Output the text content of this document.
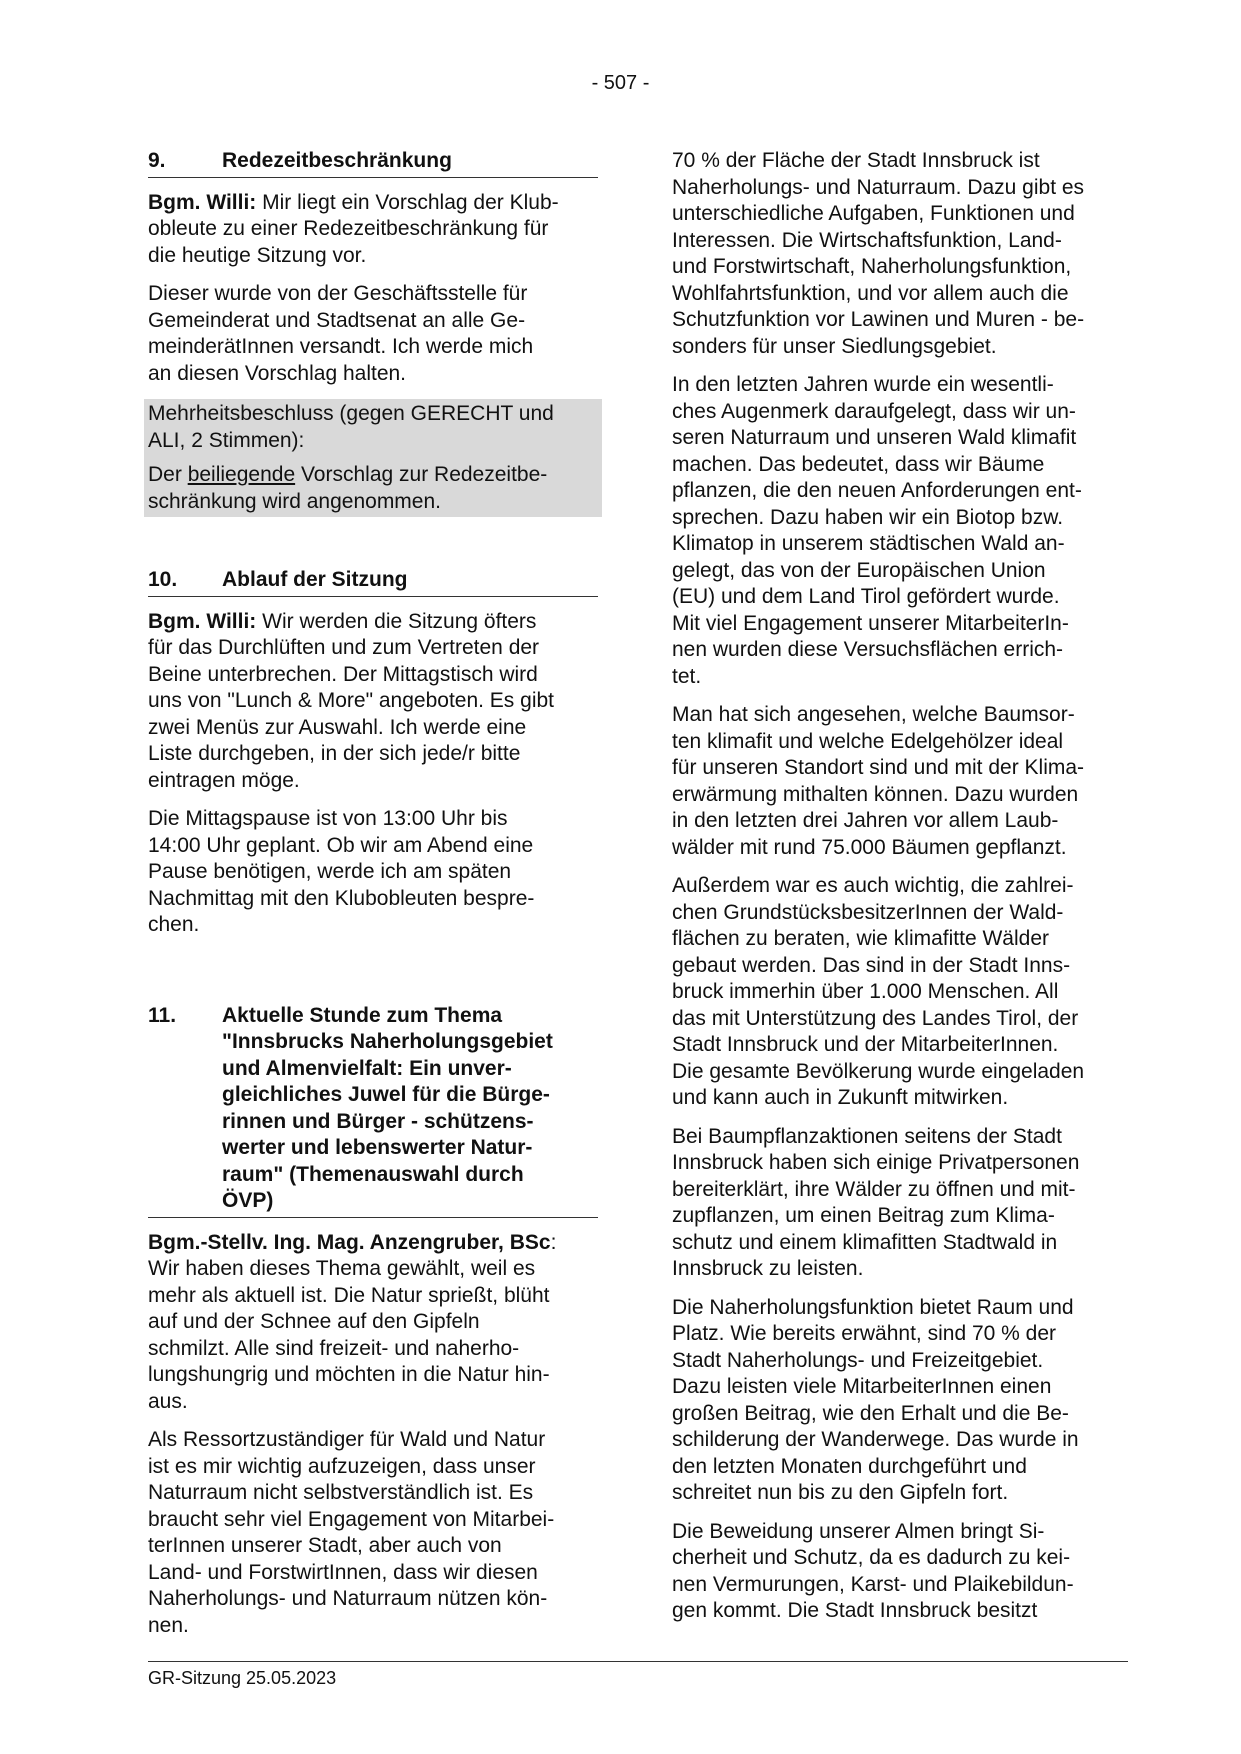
- 507 -
9.	Redezeitbeschränkung

Bgm. Willi: Mir liegt ein Vorschlag der Klub-
obleute zu einer Redezeitbeschränkung für
die heutige Sitzung vor.

Dieser wurde von der Geschäftsstelle für
Gemeinderat und Stadtsenat an alle Ge-
meinderätInnen versandt. Ich werde mich
an diesen Vorschlag halten.

Mehrheitsbeschluss (gegen GERECHT und
ALI, 2 Stimmen):

Der beiliegende Vorschlag zur Redezeitbe-
schränkung wird angenommen.

10.	Ablauf der Sitzung

Bgm. Willi: Wir werden die Sitzung öfters
für das Durchlüften und zum Vertreten der
Beine unterbrechen. Der Mittagstisch wird
uns von "Lunch & More" angeboten. Es gibt
zwei Menüs zur Auswahl. Ich werde eine
Liste durchgeben, in der sich jede/r bitte
eintragen möge.

Die Mittagspause ist von 13:00 Uhr bis
14:00 Uhr geplant. Ob wir am Abend eine
Pause benötigen, werde ich am späten
Nachmittag mit den Klubobleuten bespre-
chen.

11.	Aktuelle Stunde zum Thema
"Innsbrucks Naherholungsgebiet
und Almenvielfalt: Ein unver-
gleichliches Juwel für die Bürge-
rinnen und Bürger - schützens-
werter und lebenswerter Natur-
raum" (Themenauswahl durch
ÖVP)

Bgm.-Stellv. Ing. Mag. Anzengruber, BSc:
Wir haben dieses Thema gewählt, weil es
mehr als aktuell ist. Die Natur sprießt, blüht
auf und der Schnee auf den Gipfeln
schmilzt. Alle sind freizeit- und naherho-
lungshungrig und möchten in die Natur hin-
aus.

Als Ressortzuständiger für Wald und Natur
ist es mir wichtig aufzuzeigen, dass unser
Naturraum nicht selbstverständlich ist. Es
braucht sehr viel Engagement von Mitarbei-
terInnen unserer Stadt, aber auch von
Land- und ForstwirtInnen, dass wir diesen
Naherholungs- und Naturraum nützen kön-
nen.

70 % der Fläche der Stadt Innsbruck ist
Naherholungs- und Naturraum. Dazu gibt es
unterschiedliche Aufgaben, Funktionen und
Interessen. Die Wirtschaftsfunktion, Land-
und Forstwirtschaft, Naherholungsfunktion,
Wohlfahrtsfunktion, und vor allem auch die
Schutzfunktion vor Lawinen und Muren - be-
sonders für unser Siedlungsgebiet.

In den letzten Jahren wurde ein wesentli-
ches Augenmerk daraufgelegt, dass wir un-
seren Naturraum und unseren Wald klimafit
machen. Das bedeutet, dass wir Bäume
pflanzen, die den neuen Anforderungen ent-
sprechen. Dazu haben wir ein Biotop bzw.
Klimatop in unserem städtischen Wald an-
gelegt, das von der Europäischen Union
(EU) und dem Land Tirol gefördert wurde.
Mit viel Engagement unserer MitarbeiterIn-
nen wurden diese Versuchsflächen errich-
tet.

Man hat sich angesehen, welche Baumsor-
ten klimafit und welche Edelgehölzer ideal
für unseren Standort sind und mit der Klima-
erwärmung mithalten können. Dazu wurden
in den letzten drei Jahren vor allem Laub-
wälder mit rund 75.000 Bäumen gepflanzt.

Außerdem war es auch wichtig, die zahlrei-
chen GrundstücksbesitzerInnen der Wald-
flächen zu beraten, wie klimafitte Wälder
gebaut werden. Das sind in der Stadt Inns-
bruck immerhin über 1.000 Menschen. All
das mit Unterstützung des Landes Tirol, der
Stadt Innsbruck und der MitarbeiterInnen.
Die gesamte Bevölkerung wurde eingeladen
und kann auch in Zukunft mitwirken.

Bei Baumpflanzaktionen seitens der Stadt
Innsbruck haben sich einige Privatpersonen
bereiterklärt, ihre Wälder zu öffnen und mit-
zupflanzen, um einen Beitrag zum Klima-
schutz und einem klimafitten Stadtwald in
Innsbruck zu leisten.

Die Naherholungsfunktion bietet Raum und
Platz. Wie bereits erwähnt, sind 70 % der
Stadt Naherholungs- und Freizeitgebiet.
Dazu leisten viele MitarbeiterInnen einen
großen Beitrag, wie den Erhalt und die Be-
schilderung der Wanderwege. Das wurde in
den letzten Monaten durchgeführt und
schreitet nun bis zu den Gipfeln fort.

Die Beweidung unserer Almen bringt Si-
cherheit und Schutz, da es dadurch zu kei-
nen Vermurungen, Karst- und Plaikebildun-
gen kommt. Die Stadt Innsbruck besitzt

GR-Sitzung 25.05.2023
